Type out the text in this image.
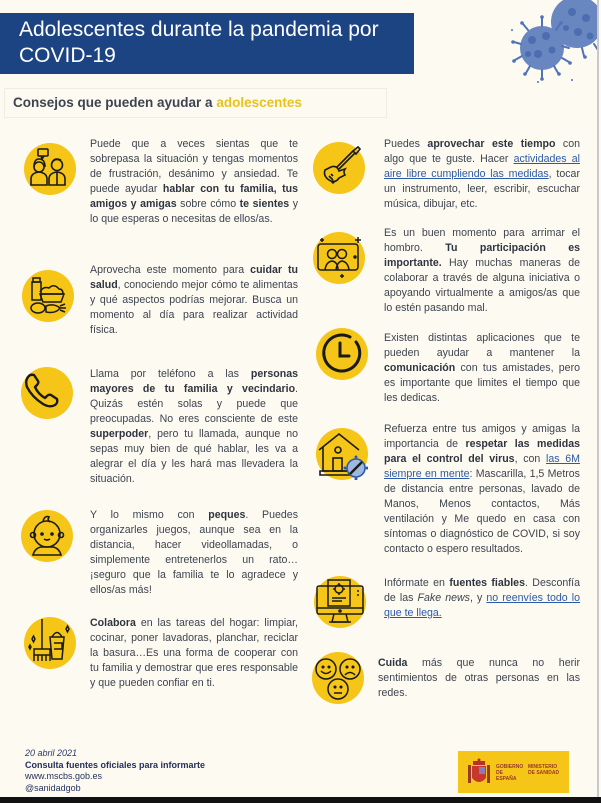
Adolescentes durante la pandemia por COVID-19
Consejos que pueden ayudar a adolescentes
Puede que a veces sientas que te sobrepasa la situación y tengas momentos de frustración, desánimo y ansiedad. Te puede ayudar hablar con tu familia, tus amigos y amigas sobre cómo te sientes y lo que esperas o necesitas de ellos/as.
Aprovecha este momento para cuidar tu salud, conociendo mejor cómo te alimentas y qué aspectos podrías mejorar. Busca un momento al día para realizar actividad física.
Llama por teléfono a las personas mayores de tu familia y vecindario. Quizás estén solas y puede que preocupadas. No eres consciente de este superpoder, pero tu llamada, aunque no sepas muy bien de qué hablar, les va a alegrar el día y les hará mas llevadera la situación.
Y lo mismo con peques. Puedes organizarles juegos, aunque sea en la distancia, hacer videollamadas, o simplemente entretenerlos un rato… ¡seguro que la familia te lo agradece y ellos/as más!
Colabora en las tareas del hogar: limpiar, cocinar, poner lavadoras, planchar, reciclar la basura…Es una forma de cooperar con tu familia y demostrar que eres responsable y que pueden confiar en ti.
Puedes aprovechar este tiempo con algo que te guste. Hacer actividades al aire libre cumpliendo las medidas, tocar un instrumento, leer, escribir, escuchar música, dibujar, etc.
Es un buen momento para arrimar el hombro. Tu participación es importante. Hay muchas maneras de colaborar a través de alguna iniciativa o apoyando virtualmente a amigos/as que lo estén pasando mal.
Existen distintas aplicaciones que te pueden ayudar a mantener la comunicación con tus amistades, pero es importante que limites el tiempo que les dedicas.
Refuerza entre tus amigos y amigas la importancia de respetar las medidas para el control del virus, con las 6M siempre en mente: Mascarilla, 1,5 Metros de distancia entre personas, lavado de Manos, Menos contactos, Más ventilación y Me quedo en casa con síntomas o diagnóstico de COVID, si soy contacto o espero resultados.
Infórmate en fuentes fiables. Desconfía de las Fake news, y no reenvíes todo lo que te llega.
Cuida más que nunca no herir sentimientos de otras personas en las redes.
20 abril 2021
Consulta fuentes oficiales para informarte
www.mscbs.gob.es
@sanidadgob
GOBIERNO DE ESPAÑA
MINISTERIO DE SANIDAD
